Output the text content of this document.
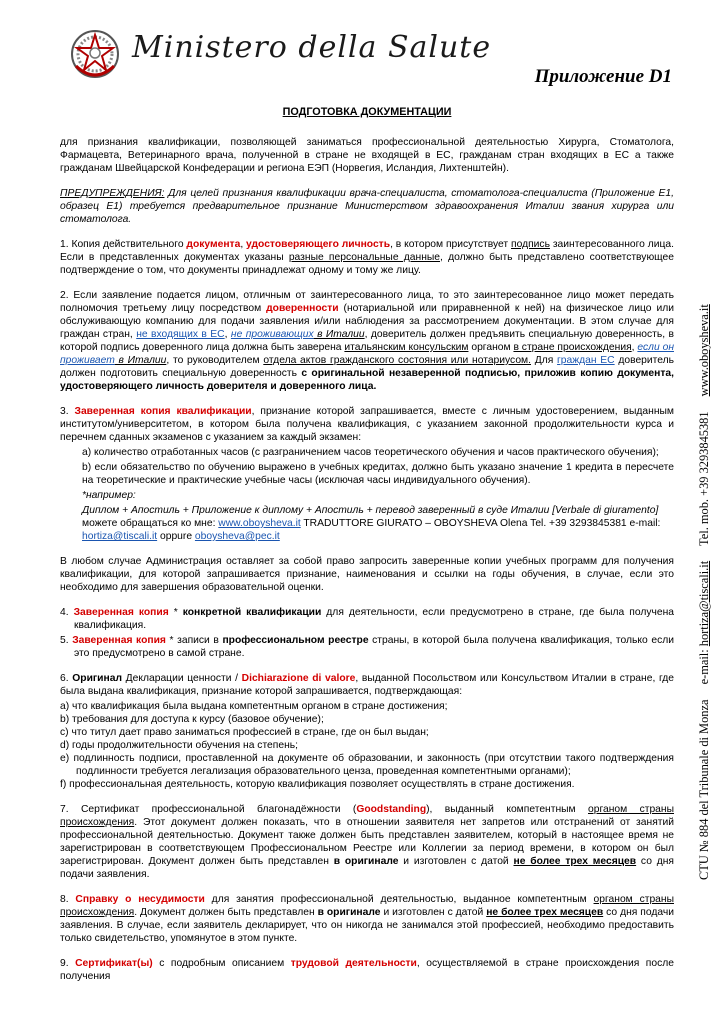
Ministero della Salute
Приложение D1
CTU № 884 del Tribunale di Monza e-mail: hortiza@tiscali.it Tel. mob. +39 3293845381 www.oboysheva.it

ПОДГОТОВКА ДОКУМЕНТАЦИИ

для признания квалификации, позволяющей заниматься профессиональной деятельностью Хирурга, Стоматолога, Фармацевта, Ветеринарного врача, полученной в стране не входящей в ЕС, гражданам стран входящих в ЕС а также гражданам Швейцарской Конфедерации и региона ЕЭП (Норвегия, Исландия, Лихтенштейн).

ПРЕДУПРЕЖДЕНИЯ: Для целей признания квалификации врача-специалиста, стоматолога-специалиста (Приложение E1, образец E1) требуется предварительное признание Министерством здравоохранения Италии звания хирурга или стоматолога.

1. Копия действительного документа, удостоверяющего личность, в котором присутствует подпись заинтересованного лица. Если в представленных документах указаны разные персональные данные, должно быть представлено соответствующее подтверждение о том, что документы принадлежат одному и тому же лицу.

2. Если заявление подается лицом, отличным от заинтересованного лица, то это заинтересованное лицо может передать полномочия третьему лицу посредством доверенности (нотариальной или приравненной к ней) на физическое лицо или обслуживающую компанию для подачи заявления и/или наблюдения за рассмотрением документации. В этом случае для граждан стран, не входящих в ЕС, не проживающих в Италии, доверитель должен предъявить специальную доверенность, в которой подпись доверенного лица должна быть заверена итальянским консульским органом в стране происхождения, если он проживает в Италии, то руководителем отдела актов гражданского состояния или нотариусом. Для граждан ЕС доверитель должен подготовить специальную доверенность с оригинальной незаверенной подписью, приложив копию документа, удостоверяющего личность доверителя и доверенного лица.

3. Заверенная копия квалификации, признание которой запрашивается, вместе с личным удостоверением, выданным институтом/университетом, в котором была получена квалификация, с указанием законной продолжительности курса и перечнем сданных экзаменов с указанием за каждый экзамен:

a) количество отработанных часов (с разграничением часов теоретического обучения и часов практического обучения);

b) если обязательство по обучению выражено в учебных кредитах, должно быть указано значение 1 кредита в пересчете на теоретические и практические учебные часы (исключая часы индивидуального обучения).

*например:

Диплом + Апостиль + Приложение к диплому + Апостиль + перевод заверенный в суде Италии [Verbale di giuramento]
можете обращаться ко мне: www.oboysheva.it TRADUTTORE GIURATO – OBOYSHEVA Olena Tel. +39 3293845381 e-mail:
hortiza@tiscali.it oppure oboysheva@pec.it

В любом случае Администрация оставляет за собой право запросить заверенные копии учебных программ для получения квалификации, для которой запрашивается признание, наименования и ссылки на годы обучения, в случае, если это необходимо для завершения образовательной оценки.

4. Заверенная копия * конкретной квалификации для деятельности, если предусмотрено в стране, где была получена квалификация.

5. Заверенная копия * записи в профессиональном реестре страны, в которой была получена квалификация, только если это предусмотрено в самой стране.

6. Оригинал Декларации ценности / Dichiarazione di valore, выданной Посольством или Консульством Италии в стране, где была выдана квалификация, признание которой запрашивается, подтверждающая:

a) что квалификация была выдана компетентным органом в стране достижения;

b) требования для доступа к курсу (базовое обучение);

c) что титул дает право заниматься профессией в стране, где он был выдан;

d) годы продолжительности обучения на степень;

e) подлинность подписи, проставленной на документе об образовании, и законность (при отсутствии такого подтверждения подлинности требуется легализация образовательного ценза, проведенная компетентными органами);

f) профессиональная деятельность, которую квалификация позволяет осуществлять в стране достижения.

7. Сертификат профессиональной благонадёжности (Goodstanding), выданный компетентным органом страны происхождения. Этот документ должен показать, что в отношении заявителя нет запретов или отстранений от занятий профессиональной деятельностью. Документ также должен быть представлен заявителем, который в настоящее время не зарегистрирован в соответствующем Профессиональном Реестре или Коллегии за период времени, в котором он был зарегистрирован. Документ должен быть представлен в оригинале и изготовлен с датой не более трех месяцев со дня подачи заявления.

8. Справку о несудимости для занятия профессиональной деятельностью, выданное компетентным органом страны происхождения. Документ должен быть представлен в оригинале и изготовлен с датой не более трех месяцев со дня подачи заявления. В случае, если заявитель декларирует, что он никогда не занимался этой профессией, необходимо предоставить только свидетельство, упомянутое в этом пункте.

9. Сертификат(ы) с подробным описанием трудовой деятельности, осуществляемой в стране происхождения после получения
